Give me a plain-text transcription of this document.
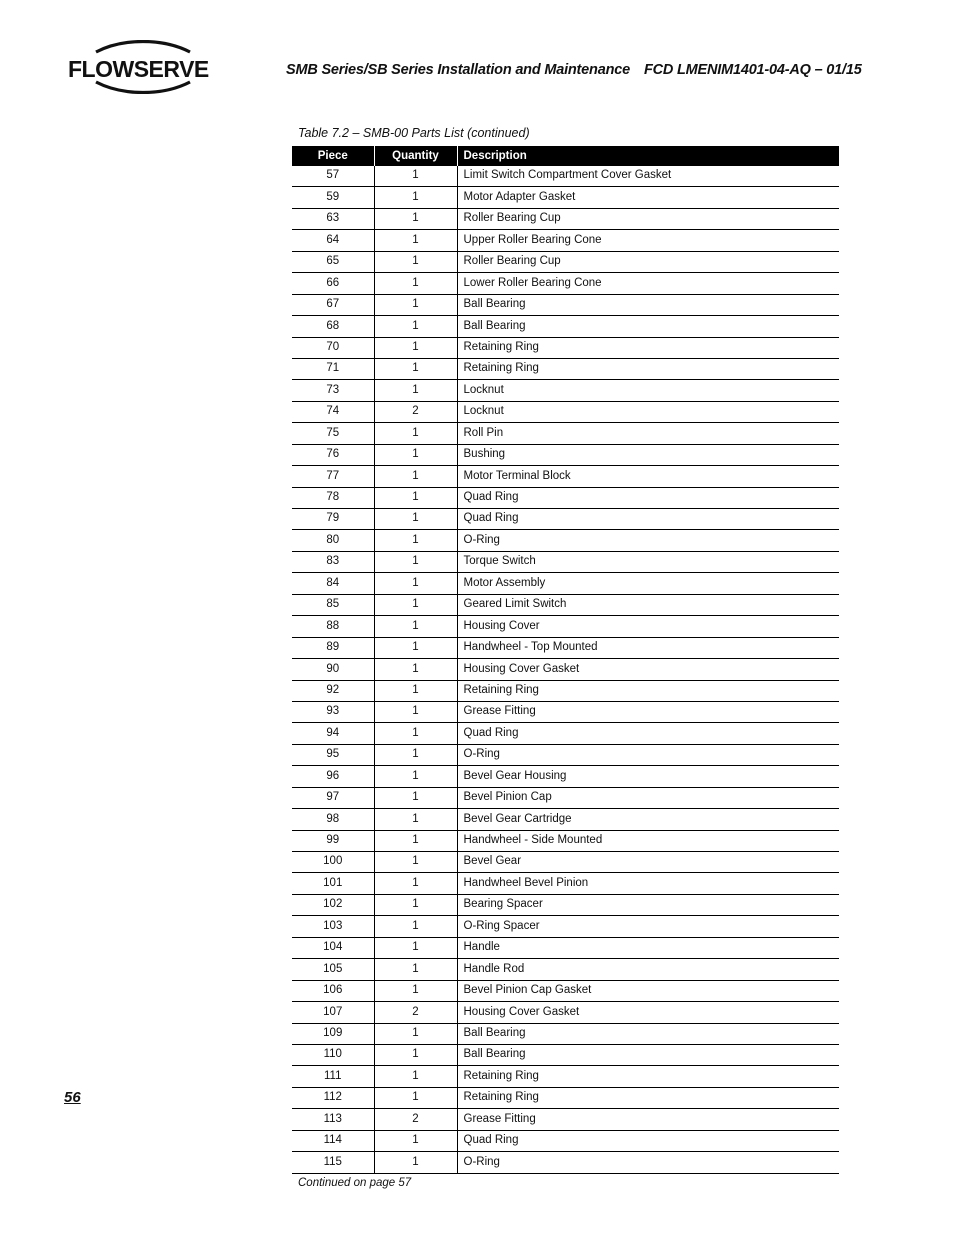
FLOWSERVE	SMB Series/SB Series Installation and Maintenance FCD LMENIM1401-04-AQ – 01/15
Table 7.2 – SMB-00 Parts List (continued)
Piece	Quantity	Description
57	1	Limit Switch Compartment Cover Gasket
59	1	Motor Adapter Gasket
63	1	Roller Bearing Cup
64	1	Upper Roller Bearing Cone
65	1	Roller Bearing Cup
66	1	Lower Roller Bearing Cone
67	1	Ball Bearing
68	1	Ball Bearing
70	1	Retaining Ring
71	1	Retaining Ring
73	1	Locknut
74	2	Locknut
75	1	Roll Pin
76	1	Bushing
77	1	Motor Terminal Block
78	1	Quad Ring
79	1	Quad Ring
80	1	O-Ring
83	1	Torque Switch
84	1	Motor Assembly
85	1	Geared Limit Switch
88	1	Housing Cover
89	1	Handwheel - Top Mounted
90	1	Housing Cover Gasket
92	1	Retaining Ring
93	1	Grease Fitting
94	1	Quad Ring
95	1	O-Ring
96	1	Bevel Gear Housing
97	1	Bevel Pinion Cap
98	1	Bevel Gear Cartridge
99	1	Handwheel - Side Mounted
100	1	Bevel Gear
101	1	Handwheel Bevel Pinion
102	1	Bearing Spacer
103	1	O-Ring Spacer
104	1	Handle
105	1	Handle Rod
106	1	Bevel Pinion Cap Gasket
107	2	Housing Cover Gasket
109	1	Ball Bearing
110	1	Ball Bearing
111	1	Retaining Ring
112	1	Retaining Ring
113	2	Grease Fitting
114	1	Quad Ring
115	1	O-Ring
Continued on page 57
56
